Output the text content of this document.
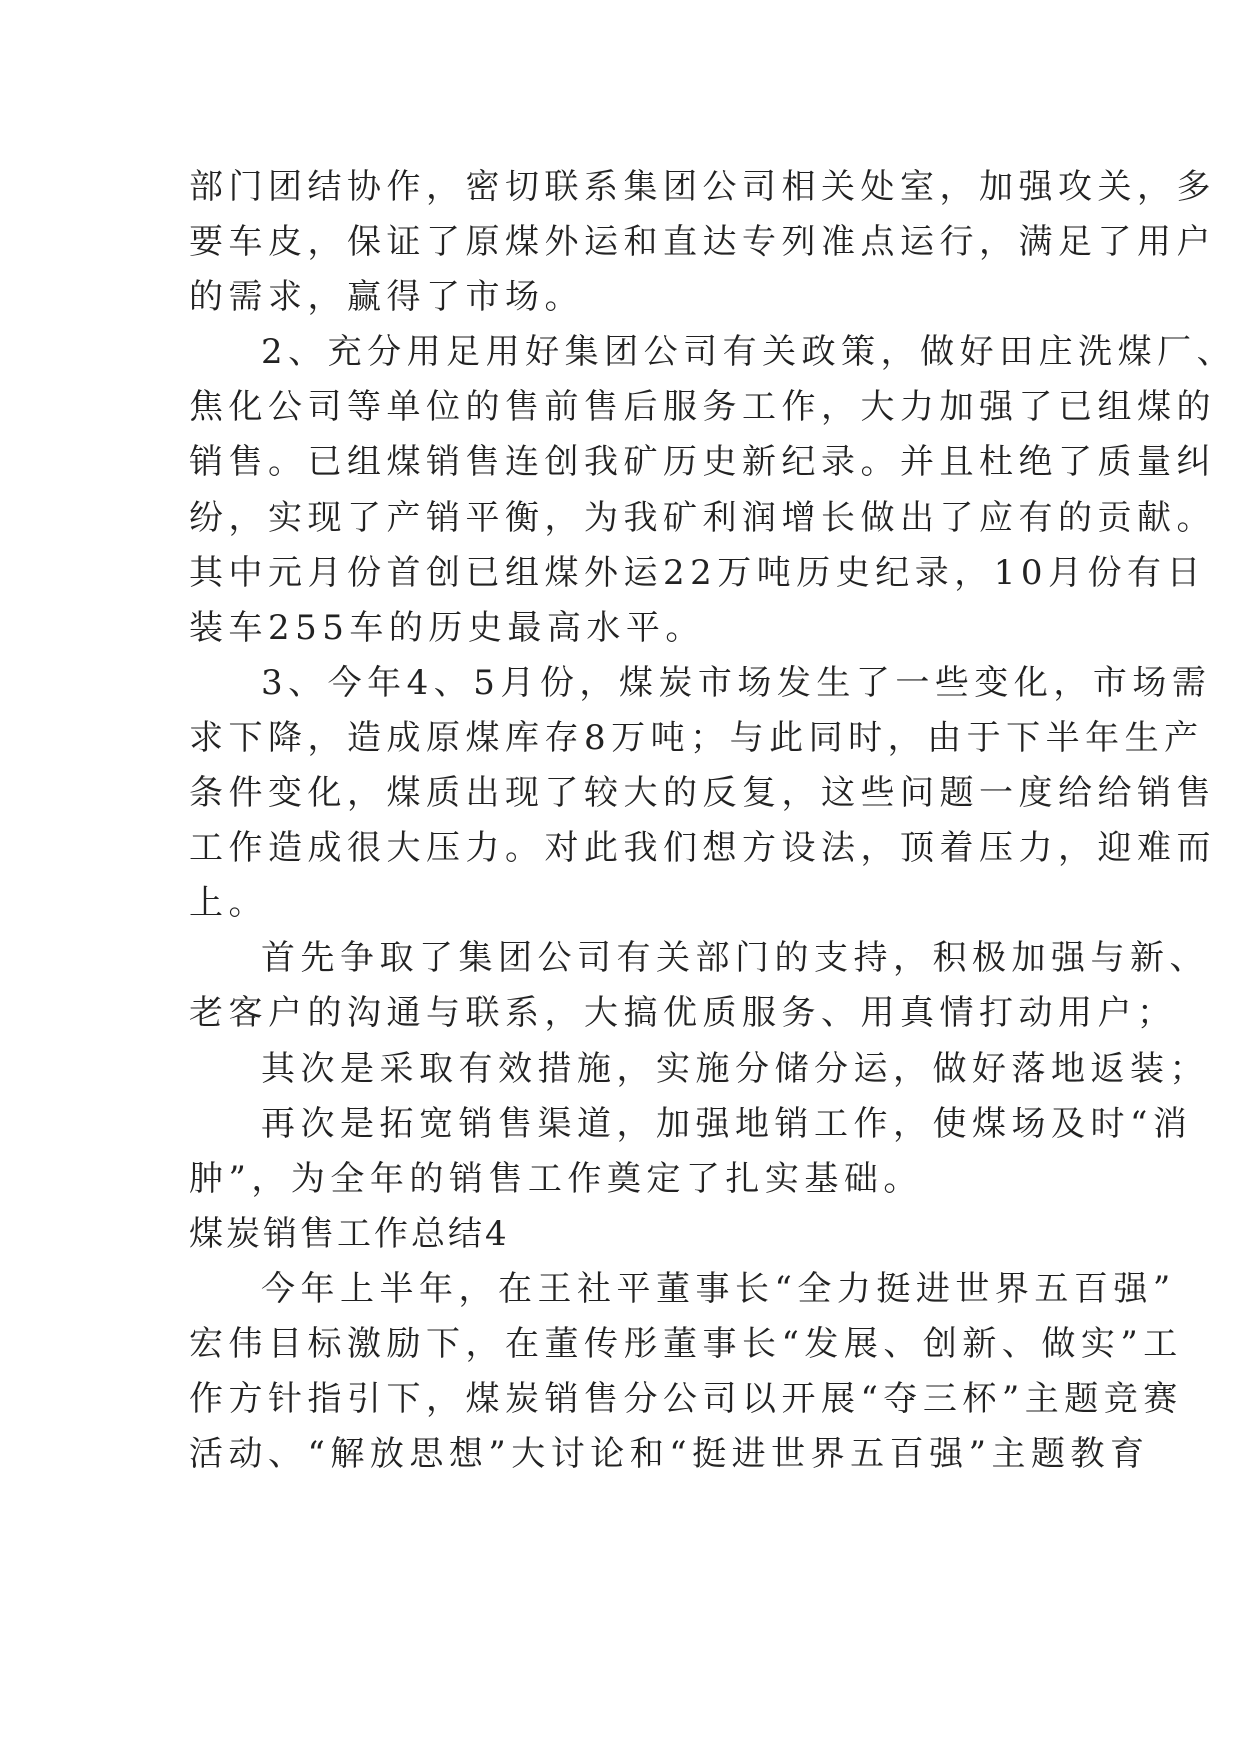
部门团结协作，密切联系集团公司相关处室，加强攻关，多
要车皮，保证了原煤外运和直达专列准点运行，满足了用户
的需求，赢得了市场。
2、充分用足用好集团公司有关政策，做好田庄洗煤厂、
焦化公司等单位的售前售后服务工作，大力加强了已组煤的
销售。已组煤销售连创我矿历史新纪录。并且杜绝了质量纠
纷，实现了产销平衡，为我矿利润增长做出了应有的贡献。
其中元月份首创已组煤外运22万吨历史纪录，10月份有日
装车255车的历史最高水平。
3、今年4、5月份，煤炭市场发生了一些变化，市场需
求下降，造成原煤库存8万吨；与此同时，由于下半年生产
条件变化，煤质出现了较大的反复，这些问题一度给给销售
工作造成很大压力。对此我们想方设法，顶着压力，迎难而
上。
首先争取了集团公司有关部门的支持，积极加强与新、
老客户的沟通与联系，大搞优质服务、用真情打动用户；
其次是采取有效措施，实施分储分运，做好落地返装；
再次是拓宽销售渠道，加强地销工作，使煤场及时“消
肿”，为全年的销售工作奠定了扎实基础。
煤炭销售工作总结4
今年上半年，在王社平董事长“全力挺进世界五百强”
宏伟目标激励下，在董传彤董事长“发展、创新、做实”工
作方针指引下，煤炭销售分公司以开展“夺三杯”主题竞赛
活动、“解放思想”大讨论和“挺进世界五百强”主题教育
